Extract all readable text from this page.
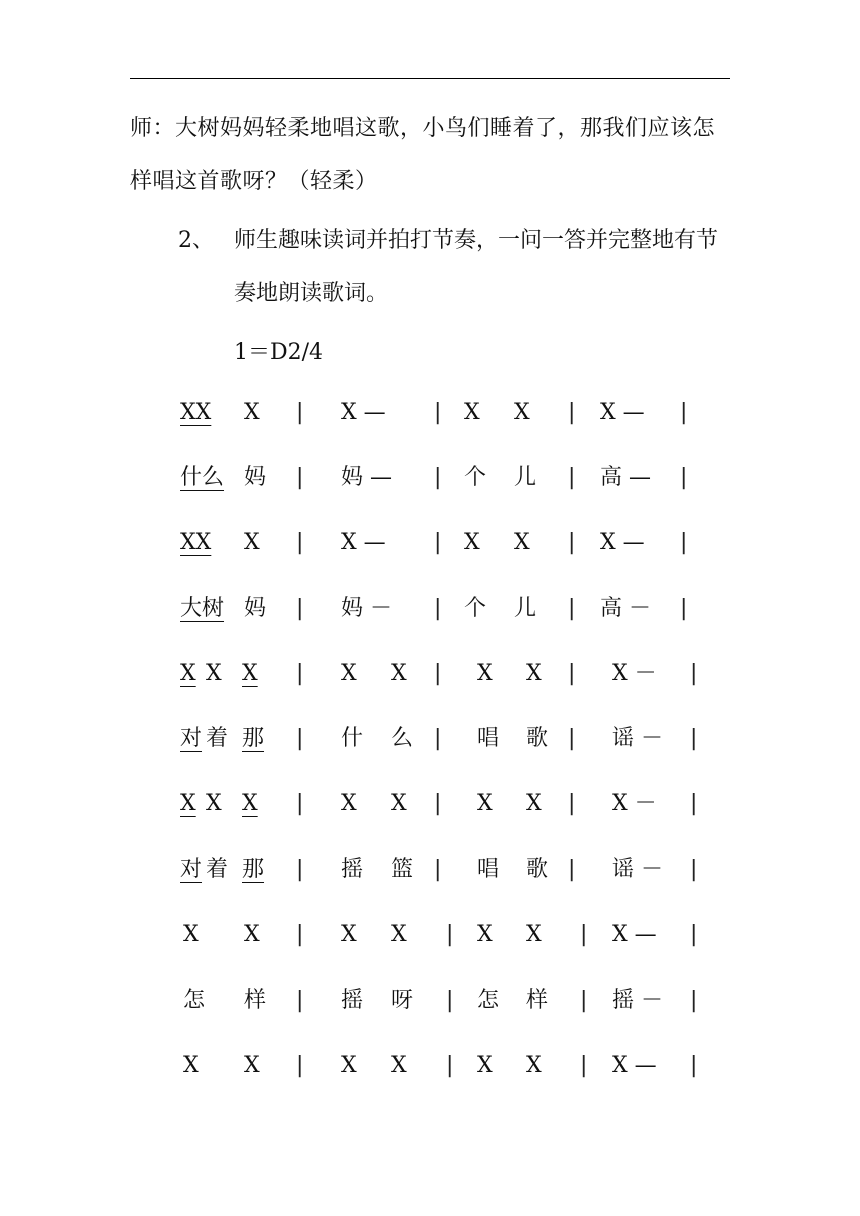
师：大树妈妈轻柔地唱这歌，小鸟们睡着了，那我们应该怎样唱这首歌呀？（轻柔）
2、 师生趣味读词并拍打节奏，一问一答并完整地有节奏地朗读歌词。
1＝D2/4
XX X	X —	X X	X —
|	|	|	|
什么 妈	妈 —	个 儿	高 —
|	|	|	|
XX X	X —	X X	X —
|	|	|	|
大树 妈	妈 －	个 儿	高 －
|	|	|	|
X X X	X X	X X	X －
|	|	|	|
对 着 那	什 么	唱 歌	谣 －
|	|	|	|
X X X	X X	X X	X －
|	|	|	|
对 着 那	摇 篮	唱 歌	谣 －
|	|	|	|
X X	X X	X X	X —
|	|	|	|
怎 样	摇 呀	怎 样	摇 －
|	|	|	|
X X	X X	X X	X —
|	|	|	|
